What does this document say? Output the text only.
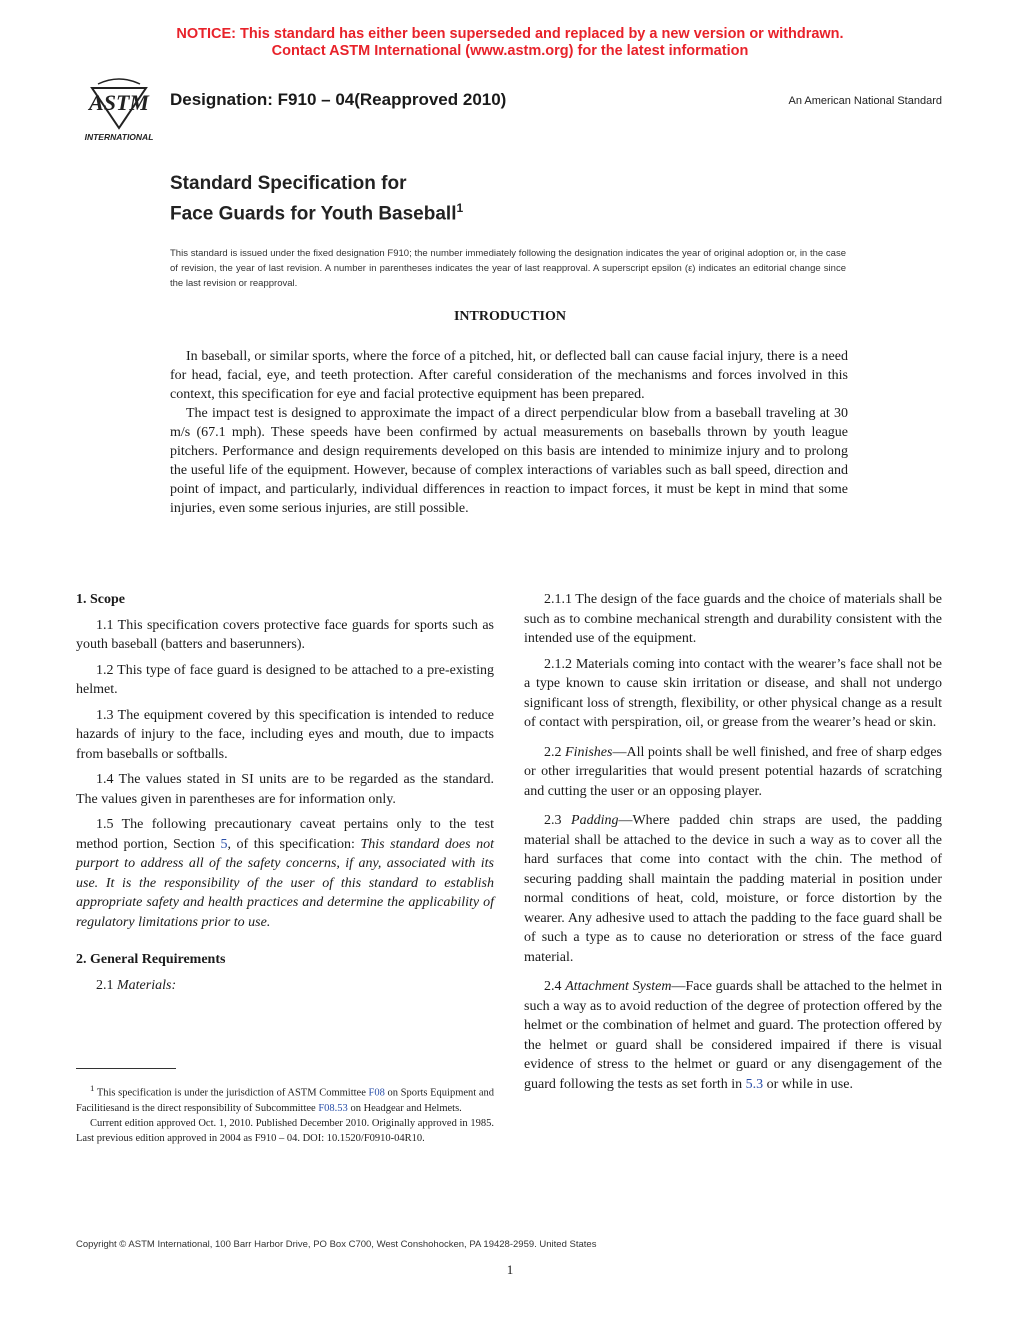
NOTICE: This standard has either been superseded and replaced by a new version or withdrawn.
Contact ASTM International (www.astm.org) for the latest information
ASTM
INTERNATIONAL
Designation: F910 – 04(Reapproved 2010)	An American National Standard
Standard Specification for
Face Guards for Youth Baseball$^1$
This standard is issued under the fixed designation F910; the number immediately following the designation indicates the year of original adoption or, in the case of revision, the year of last revision. A number in parentheses indicates the year of last reapproval. A superscript epsilon (ε) indicates an editorial change since the last revision or reapproval.
INTRODUCTION

In baseball, or similar sports, where the force of a pitched, hit, or deflected ball can cause facial injury, there is a need for head, facial, eye, and teeth protection. After careful consideration of the mechanisms and forces involved in this context, this specification for eye and facial protective equipment has been prepared.

The impact test is designed to approximate the impact of a direct perpendicular blow from a baseball traveling at 30 m/s (67.1 mph). These speeds have been confirmed by actual measurements on baseballs thrown by youth league pitchers. Performance and design requirements developed on this basis are intended to minimize injury and to prolong the useful life of the equipment. However, because of complex interactions of variables such as ball speed, direction and point of impact, and particularly, individual differences in reaction to impact forces, it must be kept in mind that some injuries, even some serious injuries, are still possible.

1. Scope

1.1 This specification covers protective face guards for sports such as youth baseball (batters and baserunners).

1.2 This type of face guard is designed to be attached to a pre-existing helmet.

1.3 The equipment covered by this specification is intended to reduce hazards of injury to the face, including eyes and mouth, due to impacts from baseballs or softballs.

1.4 The values stated in SI units are to be regarded as the standard. The values given in parentheses are for information only.

1.5 The following precautionary caveat pertains only to the test method portion, Section 5, of this specification: This standard does not purport to address all of the safety concerns, if any, associated with its use. It is the responsibility of the user of this standard to establish appropriate safety and health practices and determine the applicability of regulatory limitations prior to use.

2. General Requirements

2.1 Materials:

$^1$ This specification is under the jurisdiction of ASTM Committee F08 on Sports Equipment and Facilitiesand is the direct responsibility of Subcommittee F08.53 on Headgear and Helmets.

Current edition approved Oct. 1, 2010. Published December 2010. Originally approved in 1985. Last previous edition approved in 2004 as F910 – 04. DOI: 10.1520/F0910-04R10.

2.1.1 The design of the face guards and the choice of materials shall be such as to combine mechanical strength and durability consistent with the intended use of the equipment.

2.1.2 Materials coming into contact with the wearer’s face shall not be a type known to cause skin irritation or disease, and shall not undergo significant loss of strength, flexibility, or other physical change as a result of contact with perspiration, oil, or grease from the wearer’s head or skin.

2.2 Finishes—All points shall be well finished, and free of sharp edges or other irregularities that would present potential hazards of scratching and cutting the user or an opposing player.

2.3 Padding—Where padded chin straps are used, the padding material shall be attached to the device in such a way as to cover all the hard surfaces that come into contact with the chin. The method of securing padding shall maintain the padding material in position under normal conditions of heat, cold, moisture, or force distortion by the wearer. Any adhesive used to attach the padding to the face guard shall be of such a type as to cause no deterioration or stress of the face guard material.

2.4 Attachment System—Face guards shall be attached to the helmet in such a way as to avoid reduction of the degree of protection offered by the helmet or the combination of helmet and guard. The protection offered by the helmet or guard shall be considered impaired if there is visual evidence of stress to the helmet or guard or any disengagement of the guard following the tests as set forth in 5.3 or while in use.

Copyright © ASTM International, 100 Barr Harbor Drive, PO Box C700, West Conshohocken, PA 19428-2959. United States
1
